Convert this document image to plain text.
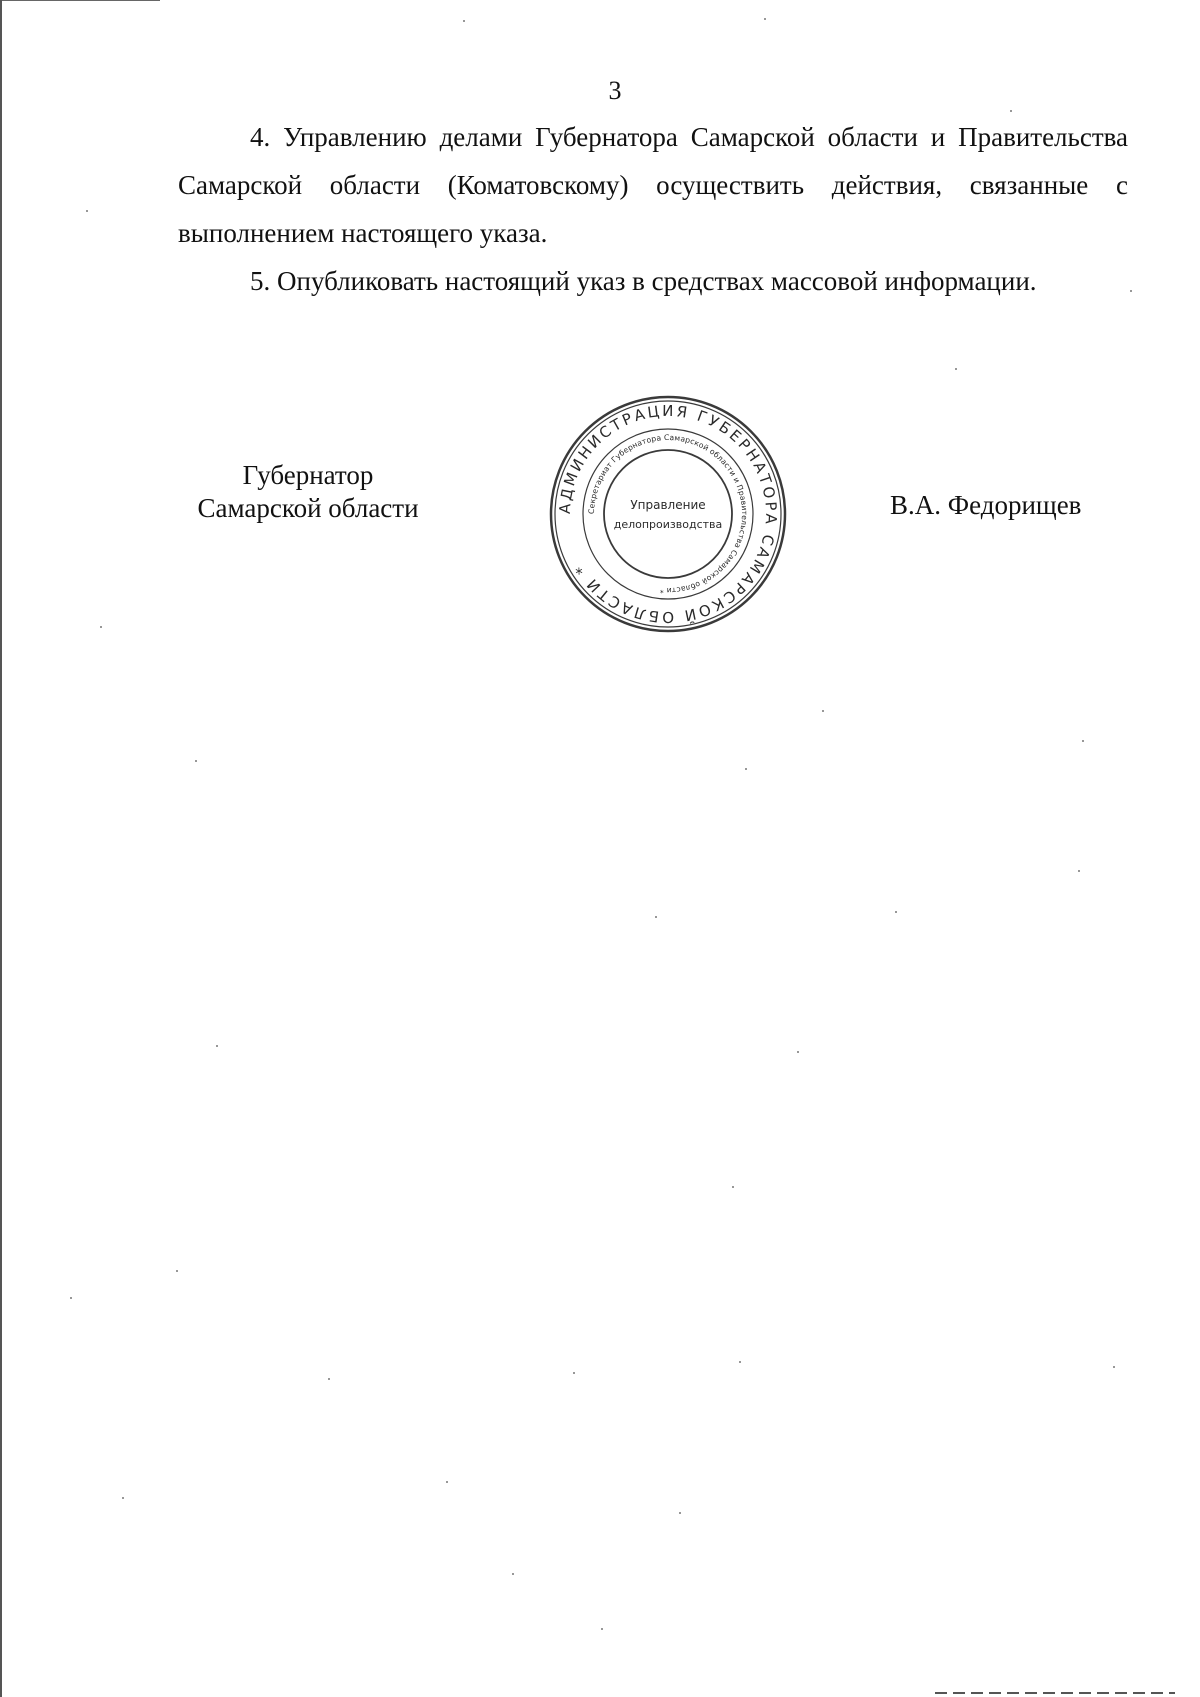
3

4. Управлению делами Губернатора Самарской области и Правительства Самарской области (Коматовскому) осуществить действия, связанные с выполнением настоящего указа.

5. Опубликовать настоящий указ в средствах массовой информации.

Губернатор
Самарской области	АДМИНИСТРАЦИЯ ГУБЕРНАТОРА САМАРСКОЙ ОБЛАСТИ *
Секретариат Губернатора Самарской области и Правительства Самарской области *
Управление
делопроизводства
В.А. Федорищев
